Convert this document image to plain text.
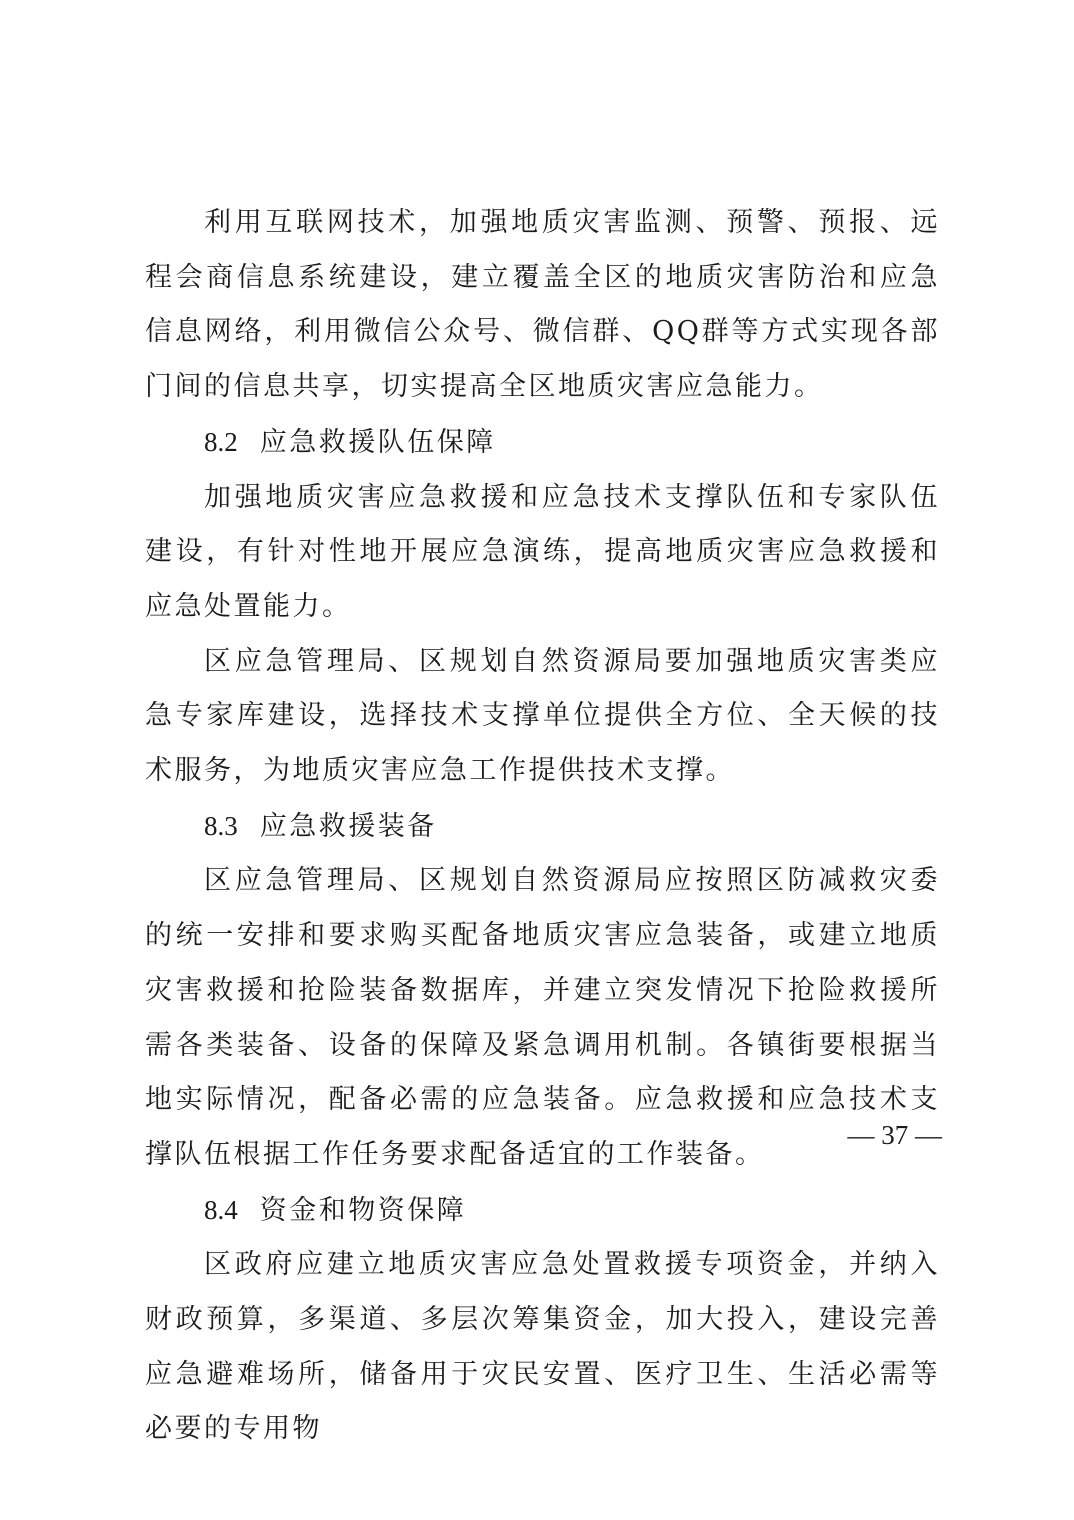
利用互联网技术，加强地质灾害监测、预警、预报、远程会商信息系统建设，建立覆盖全区的地质灾害防治和应急信息网络，利用微信公众号、微信群、QQ群等方式实现各部门间的信息共享，切实提高全区地质灾害应急能力。

8.2 应急救援队伍保障

加强地质灾害应急救援和应急技术支撑队伍和专家队伍建设，有针对性地开展应急演练，提高地质灾害应急救援和应急处置能力。

区应急管理局、区规划自然资源局要加强地质灾害类应急专家库建设，选择技术支撑单位提供全方位、全天候的技术服务，为地质灾害应急工作提供技术支撑。

8.3 应急救援装备

区应急管理局、区规划自然资源局应按照区防减救灾委的统一安排和要求购买配备地质灾害应急装备，或建立地质灾害救援和抢险装备数据库，并建立突发情况下抢险救援所需各类装备、设备的保障及紧急调用机制。各镇街要根据当地实际情况，配备必需的应急装备。应急救援和应急技术支撑队伍根据工作任务要求配备适宜的工作装备。

8.4 资金和物资保障

区政府应建立地质灾害应急处置救援专项资金，并纳入财政预算，多渠道、多层次筹集资金，加大投入，建设完善应急避难场所，储备用于灾民安置、医疗卫生、生活必需等必要的专用物

— 37 —
